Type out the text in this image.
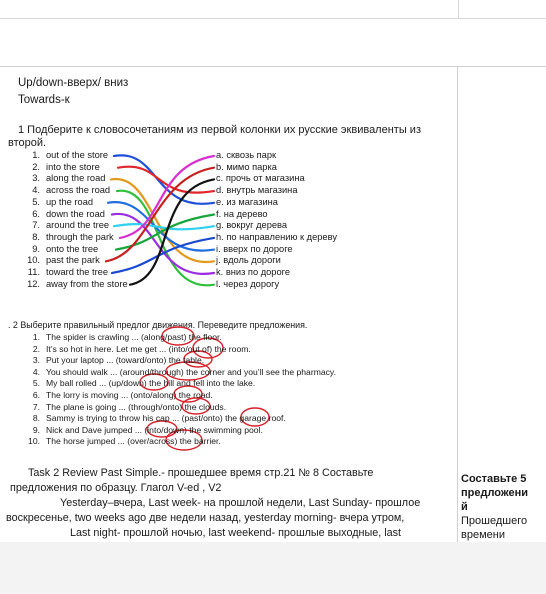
Up/down-вверх/ вниз
Towards-к
1 Подберите к словосочетаниям из первой колонки их русские эквиваленты из
второй.
. 2 Выберите правильный предлог движения. Переведите предложения.
Task 2 Review Past Simple.- прошедшее время стр.21 № 8 Составьте
предложения по образцу. Глагол V-ed , V2
Yesterday–вчера, Last week- на прошлой недели, Last Sunday- прошлое
воскресенье, two weeks ago две недели назад, yesterday morning- вчера утром,
Last night- прошлой ночью, last weekend- прошлые выходные, last
Составьте 5
предложени
й
Прошедшего
времени
1. out of the store
2. into the store
3. along the road
4. across the road
5. up the road
6. down the road
7. around the tree
8. through the park
9. onto the tree
10. past the park
11. toward the tree
12. away from the store
a. сквозь парк
b. мимо парка
c. прочь от магазина
d. внутрь магазина
e. из магазина
f. на дерево
g. вокруг дерева
h. по направлению к дереву
i. вверх по дороге
j. вдоль дороги
k. вниз по дороге
l. через дорогу
1. The spider is crawling ... (along/past) the floor.
2. It’s so hot in here. Let me get ... (into/out of) the room.
3. Put your laptop ... (toward/onto) the table.
4. You should walk ... (around/through) the corner and you’ll see the pharmacy.
5. My ball rolled ... (up/down) the hill and fell into the lake.
6. The lorry is moving ... (onto/along) the road.
7. The plane is going ... (through/onto) the clouds.
8. Sammy is trying to throw his cap ... (past/onto) the garage roof.
9. Nick and Dave jumped ... (into/down) the swimming pool.
10. The horse jumped ... (over/across) the barrier.
